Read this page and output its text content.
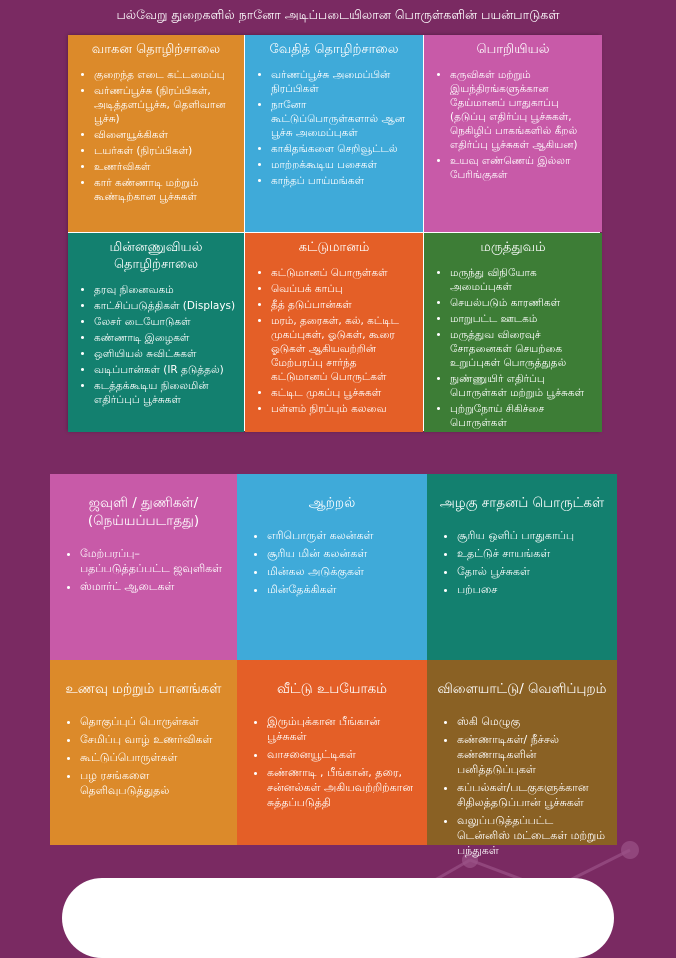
பல்வேறு துறைகளில் நானோ அடிப்படையிலான பொருள்களின் பயன்பாடுகள்
வாகன தொழிற்சாலை
• குறைந்த எடை கட்டமைப்பு
• வர்ணப்பூச்சு (நிரப்பிகள், அடித்தளப்பூச்சு, தெளிவான பூச்சு)
• வினையூக்கிகள்
• டயர்கள் (நிரப்பிகள்)
• உணர்விகள்
• கார் கண்ணாடி மற்றும் கூண்டிற்கான பூச்சுகள்
வேதித் தொழிற்சாலை
• வர்ணப்பூச்சு அமைப்பின் நிரப்பிகள்
• நானோ கூட்டுப்பொருள்களால் ஆன பூச்சு அமைப்புகள்
• காகிதங்களை செறிவூட்டல்
• மாற்றக்கூடிய பசைகள்
• காந்தப் பாய்மங்கள்
பொறியியல்
• கருவிகள் மற்றும் இயந்திரங்களுக்கான தேய்மானப் பாதுகாப்பு (தடுப்பு எதிர்ப்பு பூச்சுகள், நெகிழிப் பாகங்களில் கீறல் எதிர்ப்பு பூச்சுகள் ஆகியன)
• உயவு எண்ணெய் இல்லா பேரிங்குகள்
மின்னணுவியல் தொழிற்சாலை
• தரவு நினைவகம்
• காட்சிப்படுத்திகள் (Displays)
• லேசர் டையோடுகள்
• கண்ணாடி இழைகள்
• ஒளியியல் சுவிட்சுகள்
• வடிப்பான்கள் (IR தடுத்தல்)
• கடத்தக்கூடிய நிலைமின் எதிர்ப்புப் பூச்சுகள்
கட்டுமானம்
• கட்டுமானப் பொருள்கள்
• வெப்பக் காப்பு
• தீத் தடுப்பான்கள்
• மரம், தரைகள், கல், கட்டிட முகப்புகள், ஓடுகள், கூரை ஓடுகள் ஆகியவற்றின் மேற்பரப்பு சார்ந்த கட்டுமானப் பொருட்கள்
• கட்டிட முகப்பு பூச்சுகள்
• பள்ளம் நிரப்பும் கலவை
மருத்துவம்
• மருந்து விநியோக அமைப்புகள்
• செயல்படும் காரணிகள்
• மாறுபட்ட ஊடகம்
• மருத்துவ விரைவுச் சோதனைகள் செயற்கை உறுப்புகள் பொருத்துதல்
• நுண்ணுயிர் எதிர்ப்பு பொருள்கள் மற்றும் பூச்சுகள்
• புற்றுநோய் சிகிச்சை பொருள்கள்
ஜவுளி / துணிகள்/ (நெய்யப்படாதது)
• மேற்பரப்பு– பதப்படுத்தப்பட்ட ஜவுளிகள்
• ஸ்மார்ட் ஆடைகள்
ஆற்றல்
• எரிபொருள் கலன்கள்
• சூரிய மின் கலன்கள்
• மின்கல அடுக்குகள்
• மின்தேக்கிகள்
அழகு சாதனப் பொருட்கள்
• சூரிய ஒளிப் பாதுகாப்பு
• உதட்டுச் சாயங்கள்
• தோல் பூச்சுகள்
• பற்பசை
உணவு மற்றும் பானங்கள்
• தொகுப்புப் பொருள்கள்
• சேமிப்பு வாழ் உணர்விகள்
• கூட்டுப்பொருள்கள்
• பழ ரசங்களை தெளிவுபடுத்துதல்
வீட்டு உபயோகம்
• இரும்புக்கான பீங்கான் பூச்சுகள்
• வாசனையூட்டிகள்
• கண்ணாடி , பீங்கான், தரை, சன்னல்கள் அகியவற்றிற்கான சுத்தப்படுத்தி
விளையாட்டு/ வெளிப்புறம்
• ஸ்கி மெழுகு
• கண்ணாடிகள்/ நீச்சல் கண்ணாடிகளின் பனித்தடுப்புகள்
• கப்பல்கள்/படகுகளுக்கான சிதிலத்தடுப்பான் பூச்சுகள்
• வலுப்படுத்தப்பட்ட டென்னிஸ் மட்டைகள் மற்றும் பந்துகள்
